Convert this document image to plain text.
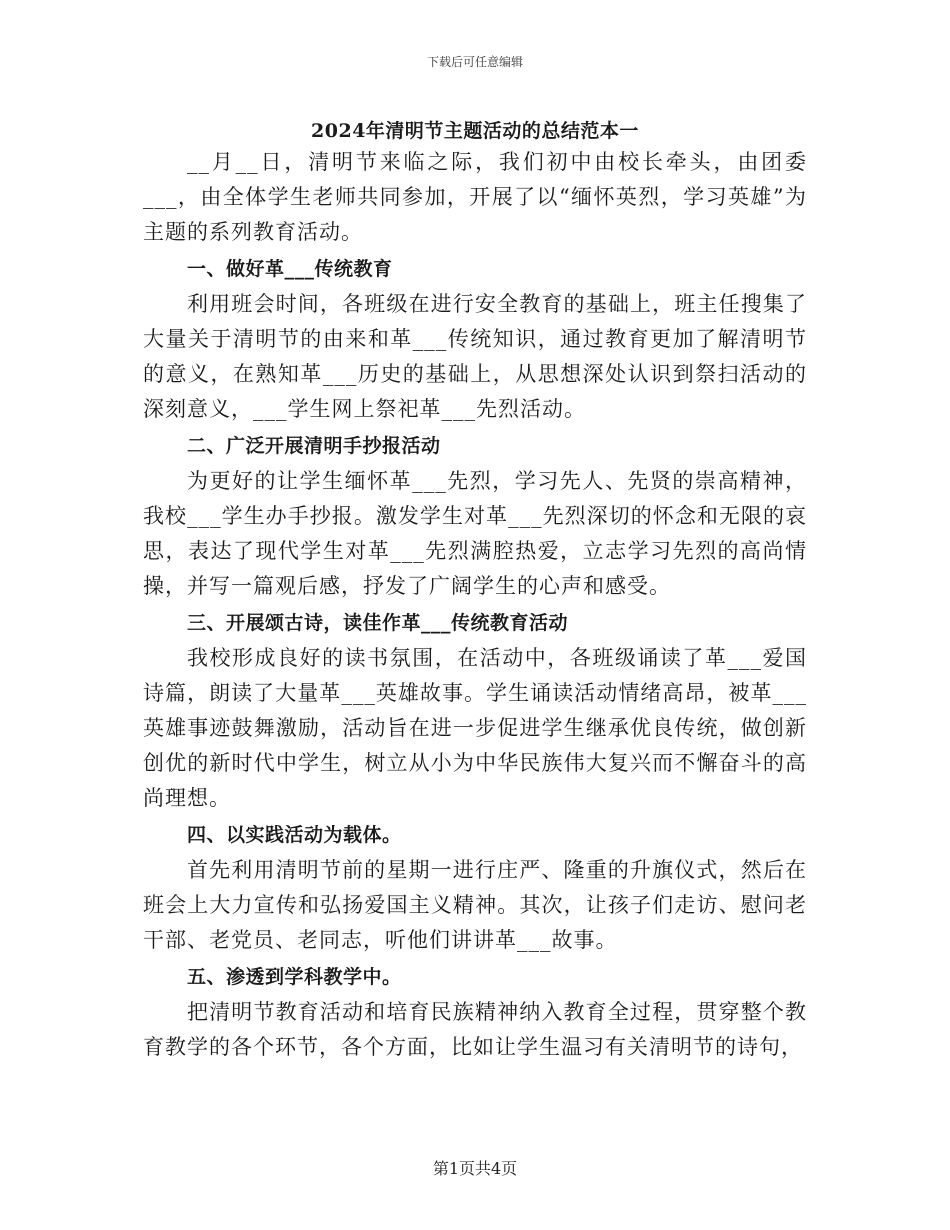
下载后可任意编辑
2024年清明节主题活动的总结范本一

__月__日，清明节来临之际，我们初中由校长牵头，由团委___，由全体学生老师共同参加，开展了以“缅怀英烈，学习英雄”为主题的系列教育活动。

一、做好革___传统教育

利用班会时间，各班级在进行安全教育的基础上，班主任搜集了大量关于清明节的由来和革___传统知识，通过教育更加了解清明节的意义，在熟知革___历史的基础上，从思想深处认识到祭扫活动的深刻意义，___学生网上祭祀革___先烈活动。

二、广泛开展清明手抄报活动

为更好的让学生缅怀革___先烈，学习先人、先贤的崇高精神，我校___学生办手抄报。激发学生对革___先烈深切的怀念和无限的哀思，表达了现代学生对革___先烈满腔热爱，立志学习先烈的高尚情操，并写一篇观后感，抒发了广阔学生的心声和感受。

三、开展颂古诗，读佳作革___传统教育活动

我校形成良好的读书氛围，在活动中，各班级诵读了革___爱国诗篇，朗读了大量革___英雄故事。学生诵读活动情绪高昂，被革___英雄事迹鼓舞激励，活动旨在进一步促进学生继承优良传统，做创新创优的新时代中学生，树立从小为中华民族伟大复兴而不懈奋斗的高尚理想。

四、以实践活动为载体。

首先利用清明节前的星期一进行庄严、隆重的升旗仪式，然后在班会上大力宣传和弘扬爱国主义精神。其次，让孩子们走访、慰问老干部、老党员、老同志，听他们讲讲革___故事。

五、渗透到学科教学中。

把清明节教育活动和培育民族精神纳入教育全过程，贯穿整个教育教学的各个环节，各个方面，比如让学生温习有关清明节的诗句，

第1页共4页
